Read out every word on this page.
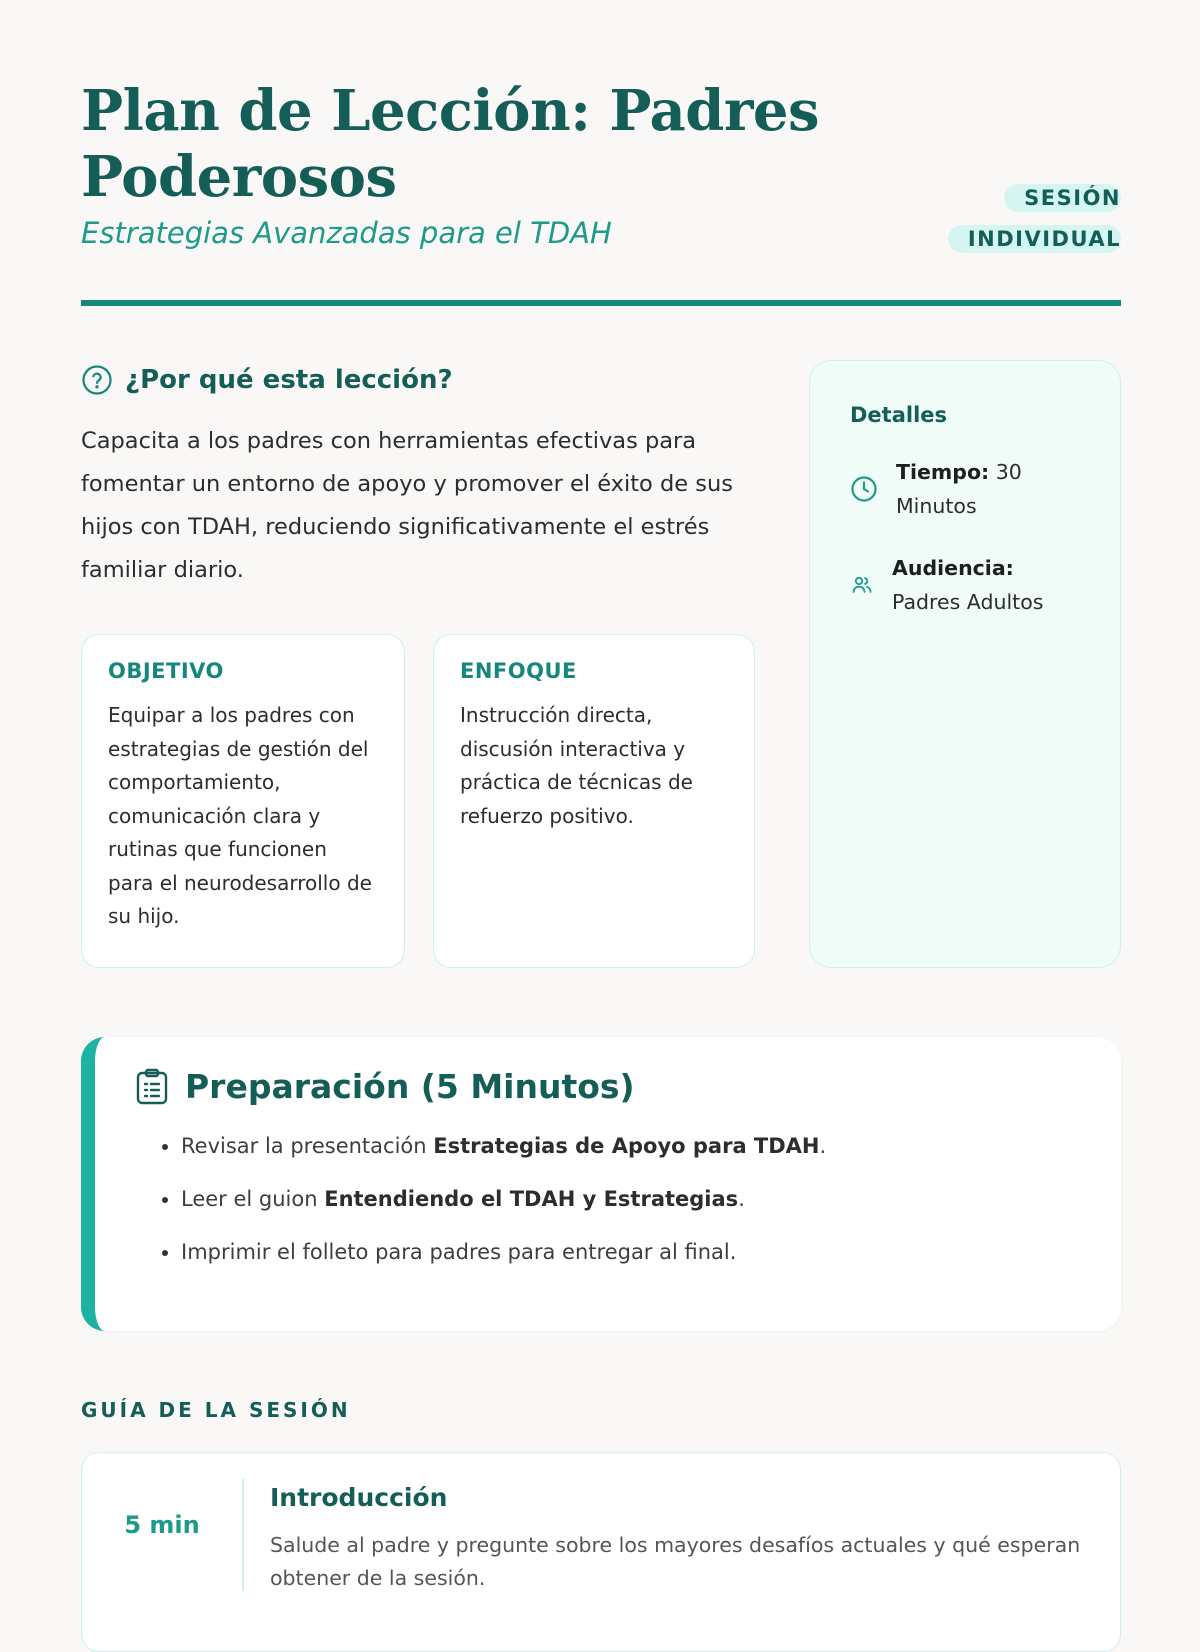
Plan de Lección: Padres Poderosos

Estrategias Avanzadas para el TDAH

SESIÓN INDIVIDUAL
¿Por qué esta lección?

Capacita a los padres con herramientas efectivas para fomentar un entorno de apoyo y promover el éxito de sus hijos con TDAH, reduciendo significativamente el estrés familiar diario.

OBJETIVO

Equipar a los padres con estrategias de gestión del comportamiento, comunicación clara y rutinas que funcionen para el neurodesarrollo de su hijo.

ENFOQUE

Instrucción directa, discusión interactiva y práctica de técnicas de refuerzo positivo.

Detalles
Tiempo: 30 Minutos
Audiencia:
Padres Adultos
Preparación (5 Minutos)
• Revisar la presentación Estrategias de Apoyo para TDAH.
• Leer el guion Entendiendo el TDAH y Estrategias.
• Imprimir el folleto para padres para entregar al final.
GUÍA DE LA SESIÓN
5 min
Introducción

Salude al padre y pregunte sobre los mayores desafíos actuales y qué esperan obtener de la sesión.
